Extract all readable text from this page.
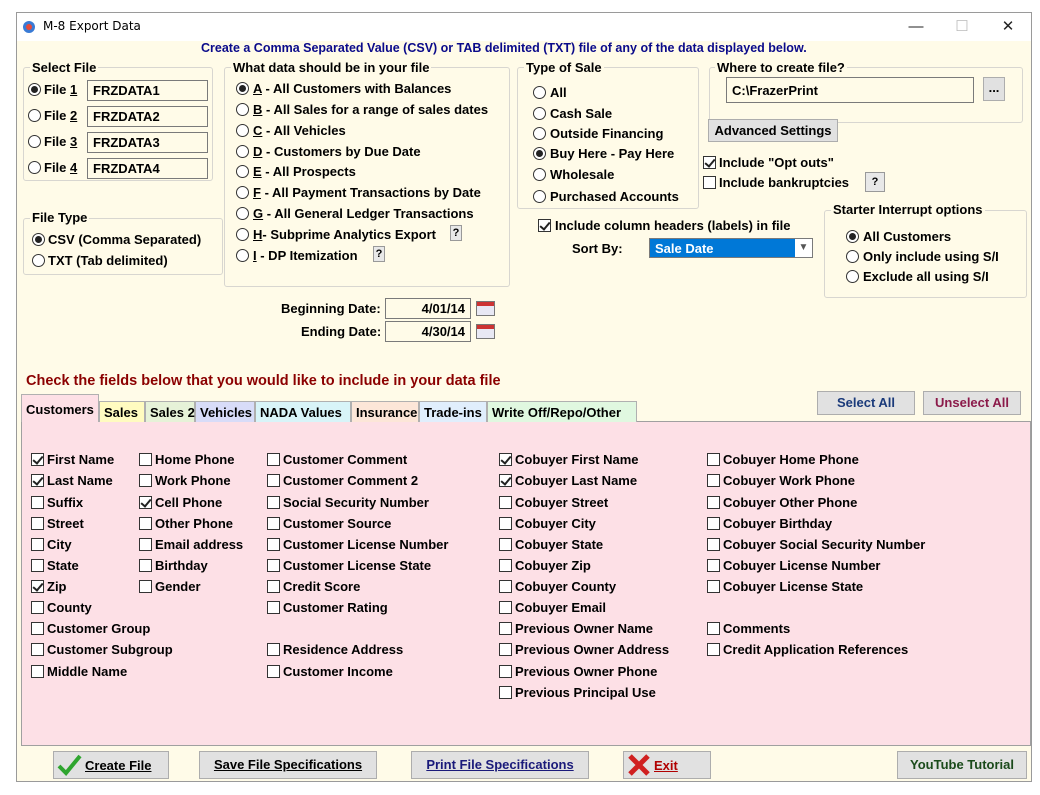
M-8 Export Data	—	☐	✕
Create a Comma Separated Value (CSV) or TAB delimited (TXT) file of any of the data displayed below.
Select File
File Type
What data should be in your file	Type of Sale	Where to create file?
C:\FrazerPrint	...
Advanced Settings
Include "Opt outs"
Include bankruptcies	?
Include column headers (labels) in file
Sort By:	Sale Date	▼
Starter Interrupt options
Beginning Date:	4/01/14
Ending Date:	4/30/14
Check the fields below that you would like to include in your data file
Select All	Unselect All
Create File	Save File Specifications	Print File Specifications	Exit	YouTube Tutorial
File 1	FRZDATA1
File 2	FRZDATA2
File 3	FRZDATA3
File 4	FRZDATA4
CSV (Comma Separated)
TXT (Tab delimited)
A - All Customers with Balances
B - All Sales for a range of sales dates
C - All Vehicles
D - Customers by Due Date
E - All Prospects
F - All Payment Transactions by Date
G - All General Ledger Transactions
H- Subprime Analytics Export
I - DP Itemization
?
?
All
Cash Sale
Outside Financing
Buy Here - Pay Here
Wholesale
Purchased Accounts
All Customers
Only include using S/I
Exclude all using S/I
Customers Sales Sales 2 Vehicles NADA Values	Insurance Trade-ins Write Off/Repo/Other
First Name
Last Name
Suffix
Street
City
State
Zip
County
Customer Group
Customer Subgroup
Middle Name
Home Phone
Work Phone
Cell Phone
Other Phone
Email address
Birthday
Gender
Customer Comment
Customer Comment 2
Social Security Number
Customer Source
Customer License Number
Customer License State
Credit Score
Customer Rating
Residence Address
Customer Income
Cobuyer First Name
Cobuyer Last Name
Cobuyer Street
Cobuyer City
Cobuyer State
Cobuyer Zip
Cobuyer County
Cobuyer Email
Previous Owner Name
Previous Owner Address
Previous Owner Phone
Previous Principal Use
Cobuyer Home Phone
Cobuyer Work Phone
Cobuyer Other Phone
Cobuyer Birthday
Cobuyer Social Security Number
Cobuyer License Number
Cobuyer License State
Comments
Credit Application References
